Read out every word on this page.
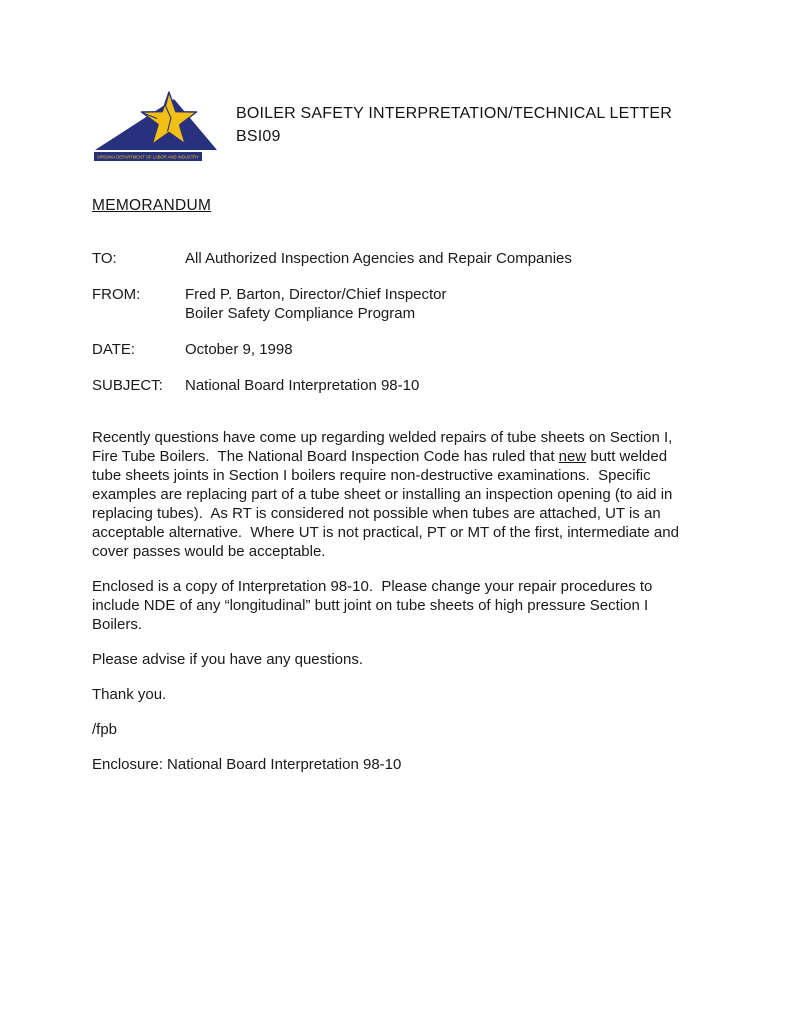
VIRGINIA DEPARTMENT OF LABOR AND INDUSTRY
BOILER SAFETY INTERPRETATION/TECHNICAL LETTER
BSI09
MEMORANDUM
TO:	All Authorized Inspection Agencies and Repair Companies
FROM:	Fred P. Barton, Director/Chief Inspector
Boiler Safety Compliance Program
DATE:	October 9, 1998
SUBJECT:	National Board Interpretation 98-10

Recently questions have come up regarding welded repairs of tube sheets on Section I, Fire Tube Boilers.  The National Board Inspection Code has ruled that new butt welded tube sheets joints in Section I boilers require non-destructive examinations.  Specific examples are replacing part of a tube sheet or installing an inspection opening (to aid in replacing tubes).  As RT is considered not possible when tubes are attached, UT is an acceptable alternative.  Where UT is not practical, PT or MT of the first, intermediate and cover passes would be acceptable.

Enclosed is a copy of Interpretation 98-10.  Please change your repair procedures to include NDE of any “longitudinal” butt joint on tube sheets of high pressure Section I Boilers.

Please advise if you have any questions.

Thank you.

/fpb

Enclosure: National Board Interpretation 98-10
